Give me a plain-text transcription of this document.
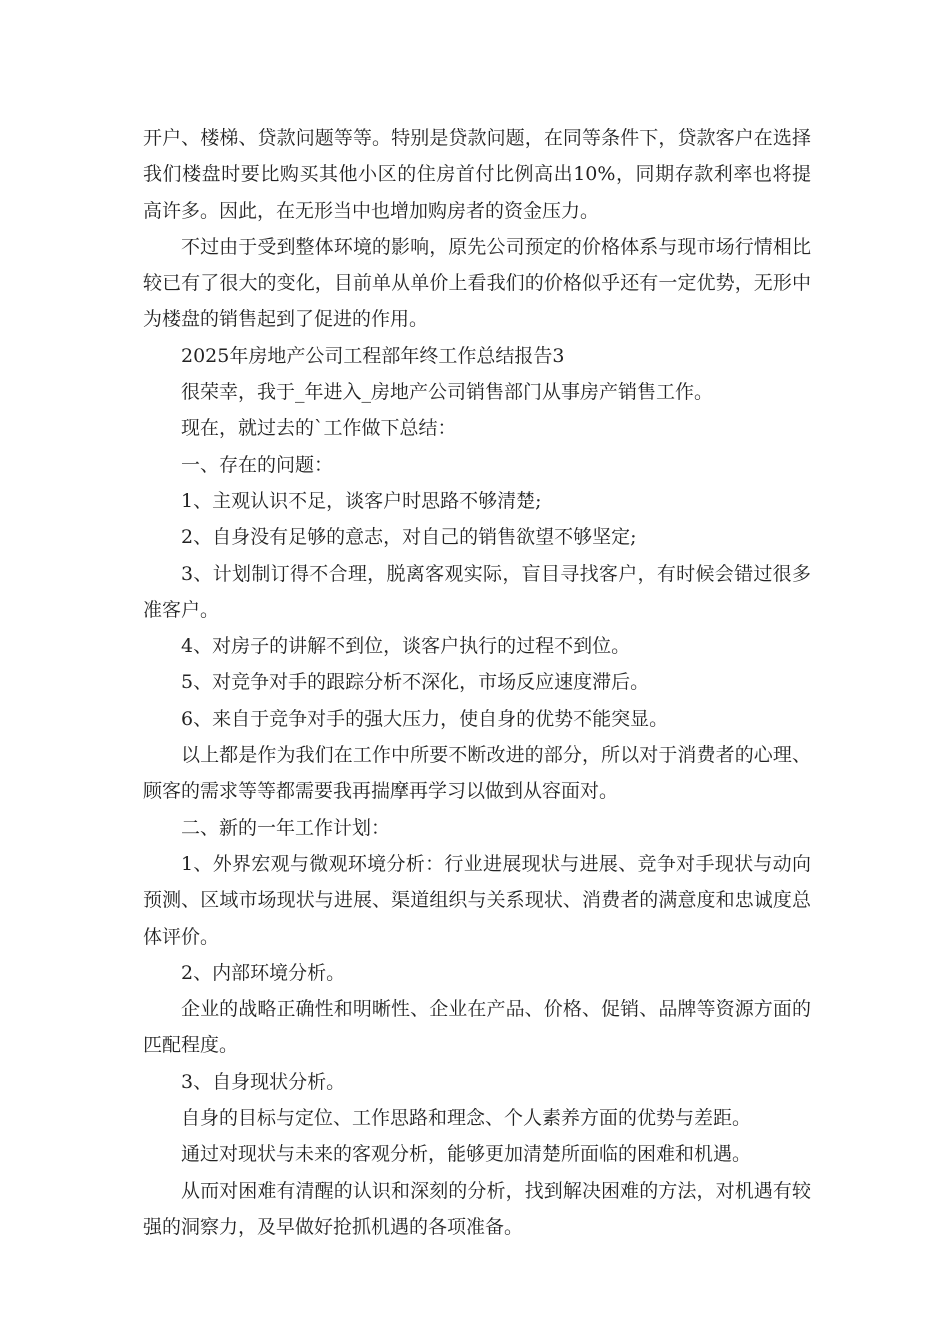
开户、楼梯、贷款问题等等。特别是贷款问题，在同等条件下，贷款客户在选择我们楼盘时要比购买其他小区的住房首付比例高出10%，同期存款利率也将提高许多。因此，在无形当中也增加购房者的资金压力。

不过由于受到整体环境的影响，原先公司预定的价格体系与现市场行情相比较已有了很大的变化，目前单从单价上看我们的价格似乎还有一定优势，无形中为楼盘的销售起到了促进的作用。

2025年房地产公司工程部年终工作总结报告3

很荣幸，我于_年进入_房地产公司销售部门从事房产销售工作。

现在，就过去的`工作做下总结：

一、存在的问题：

1、主观认识不足，谈客户时思路不够清楚;

2、自身没有足够的意志，对自己的销售欲望不够坚定;

3、计划制订得不合理，脱离客观实际，盲目寻找客户，有时候会错过很多准客户。

4、对房子的讲解不到位，谈客户执行的过程不到位。

5、对竞争对手的跟踪分析不深化，市场反应速度滞后。

6、来自于竞争对手的强大压力，使自身的优势不能突显。

以上都是作为我们在工作中所要不断改进的部分，所以对于消费者的心理、顾客的需求等等都需要我再揣摩再学习以做到从容面对。

二、新的一年工作计划：

1、外界宏观与微观环境分析：行业进展现状与进展、竞争对手现状与动向预测、区域市场现状与进展、渠道组织与关系现状、消费者的满意度和忠诚度总体评价。

2、内部环境分析。

企业的战略正确性和明晰性、企业在产品、价格、促销、品牌等资源方面的匹配程度。

3、自身现状分析。

自身的目标与定位、工作思路和理念、个人素养方面的优势与差距。

通过对现状与未来的客观分析，能够更加清楚所面临的困难和机遇。

从而对困难有清醒的认识和深刻的分析，找到解决困难的方法，对机遇有较强的洞察力，及早做好抢抓机遇的各项准备。
